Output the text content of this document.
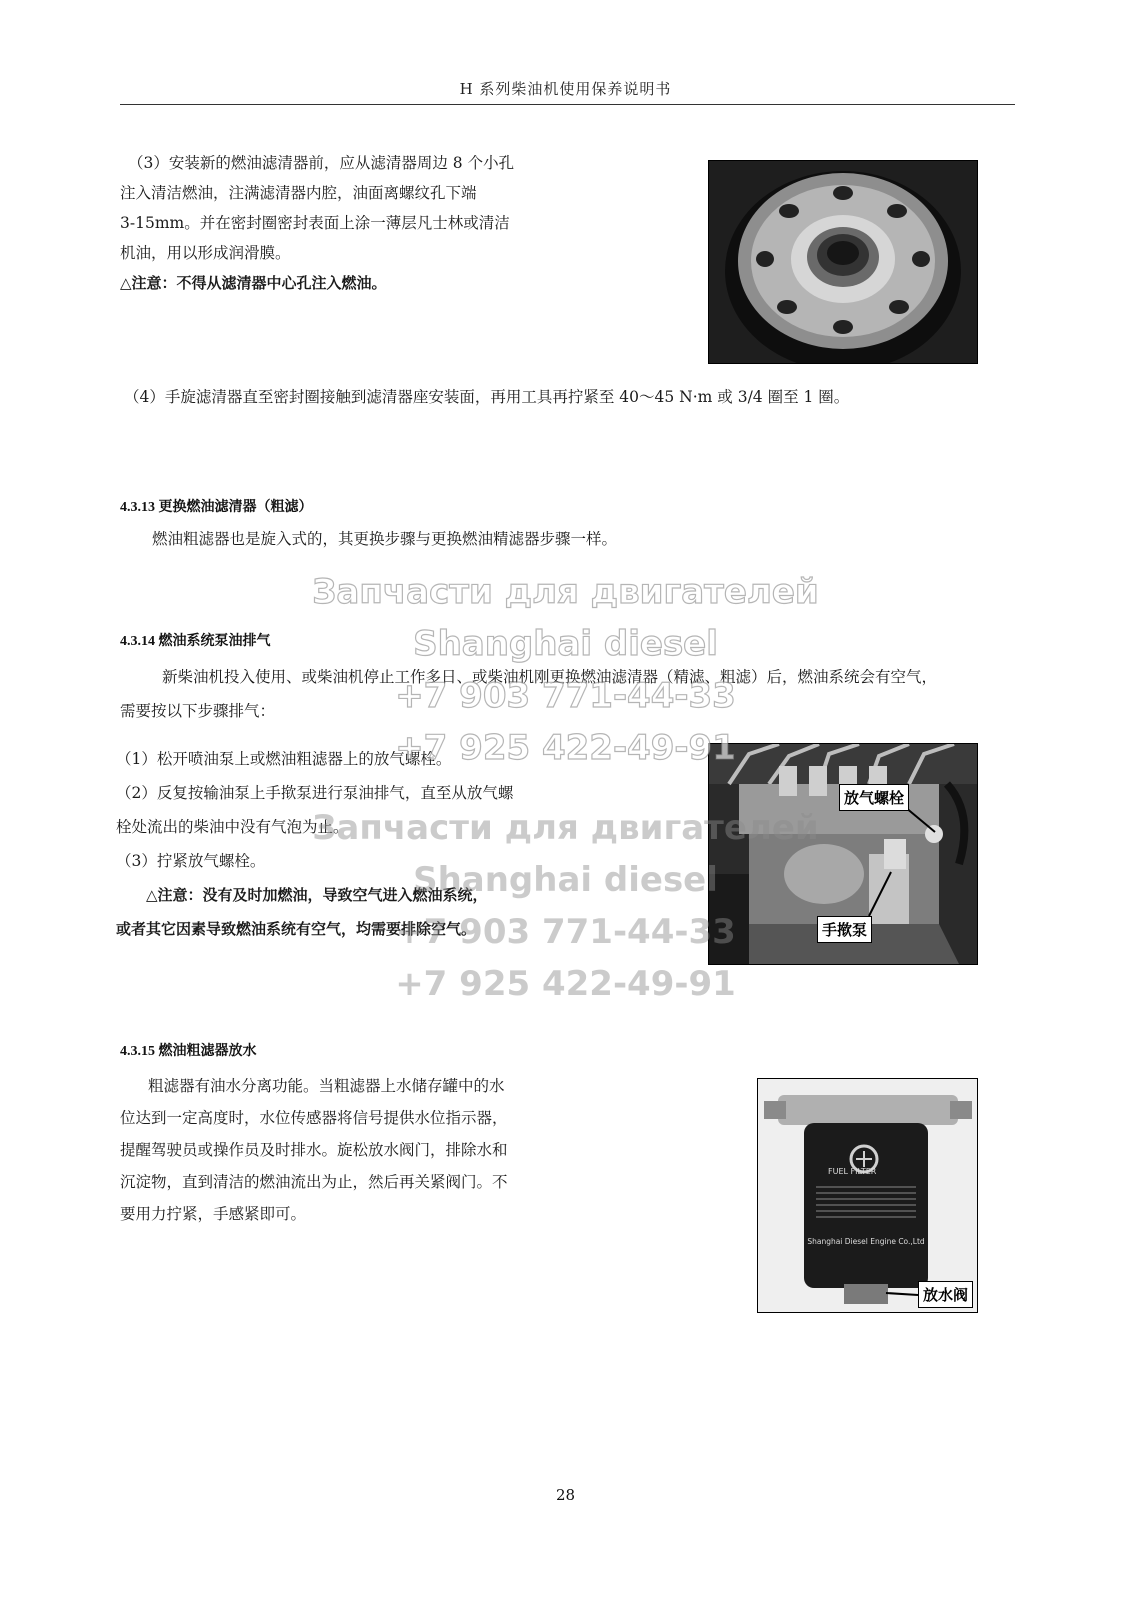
H 系列柴油机使用保养说明书

（3）安装新的燃油滤清器前，应从滤清器周边 8 个小孔

注入清洁燃油，注满滤清器内腔，油面离螺纹孔下端

3-15mm。并在密封圈密封表面上涂一薄层凡士林或清洁

机油，用以形成润滑膜。

△注意：不得从滤清器中心孔注入燃油。

（4）手旋滤清器直至密封圈接触到滤清器座安装面，再用工具再拧紧至 40～45 N·m 或 3/4 圈至 1 圈。

4.3.13 更换燃油滤清器（粗滤）

燃油粗滤器也是旋入式的，其更换步骤与更换燃油精滤器步骤一样。

4.3.14 燃油系统泵油排气

新柴油机投入使用、或柴油机停止工作多日、或柴油机刚更换燃油滤清器（精滤、粗滤）后，燃油系统会有空气，

需要按以下步骤排气：

（1）松开喷油泵上或燃油粗滤器上的放气螺栓。

（2）反复按输油泵上手揿泵进行泵油排气，直至从放气螺

栓处流出的柴油中没有气泡为止。

（3）拧紧放气螺栓。

△注意：没有及时加燃油，导致空气进入燃油系统，

或者其它因素导致燃油系统有空气，均需要排除空气。

放气螺栓
手揿泵
4.3.15 燃油粗滤器放水

粗滤器有油水分离功能。当粗滤器上水储存罐中的水

位达到一定高度时，水位传感器将信号提供水位指示器，

提醒驾驶员或操作员及时排水。旋松放水阀门，排除水和

沉淀物，直到清洁的燃油流出为止，然后再关紧阀门。不

要用力拧紧，手感紧即可。

FUEL FILTER
Shanghai Diesel Engine Co.,Ltd
放水阀
Запчасти для двигателей
Shanghai diesel
+7 903 771-44-33
+7 925 422-49-91
Запчасти для двигателей
Shanghai diesel
+7 903 771-44-33
+7 925 422-49-91
28
